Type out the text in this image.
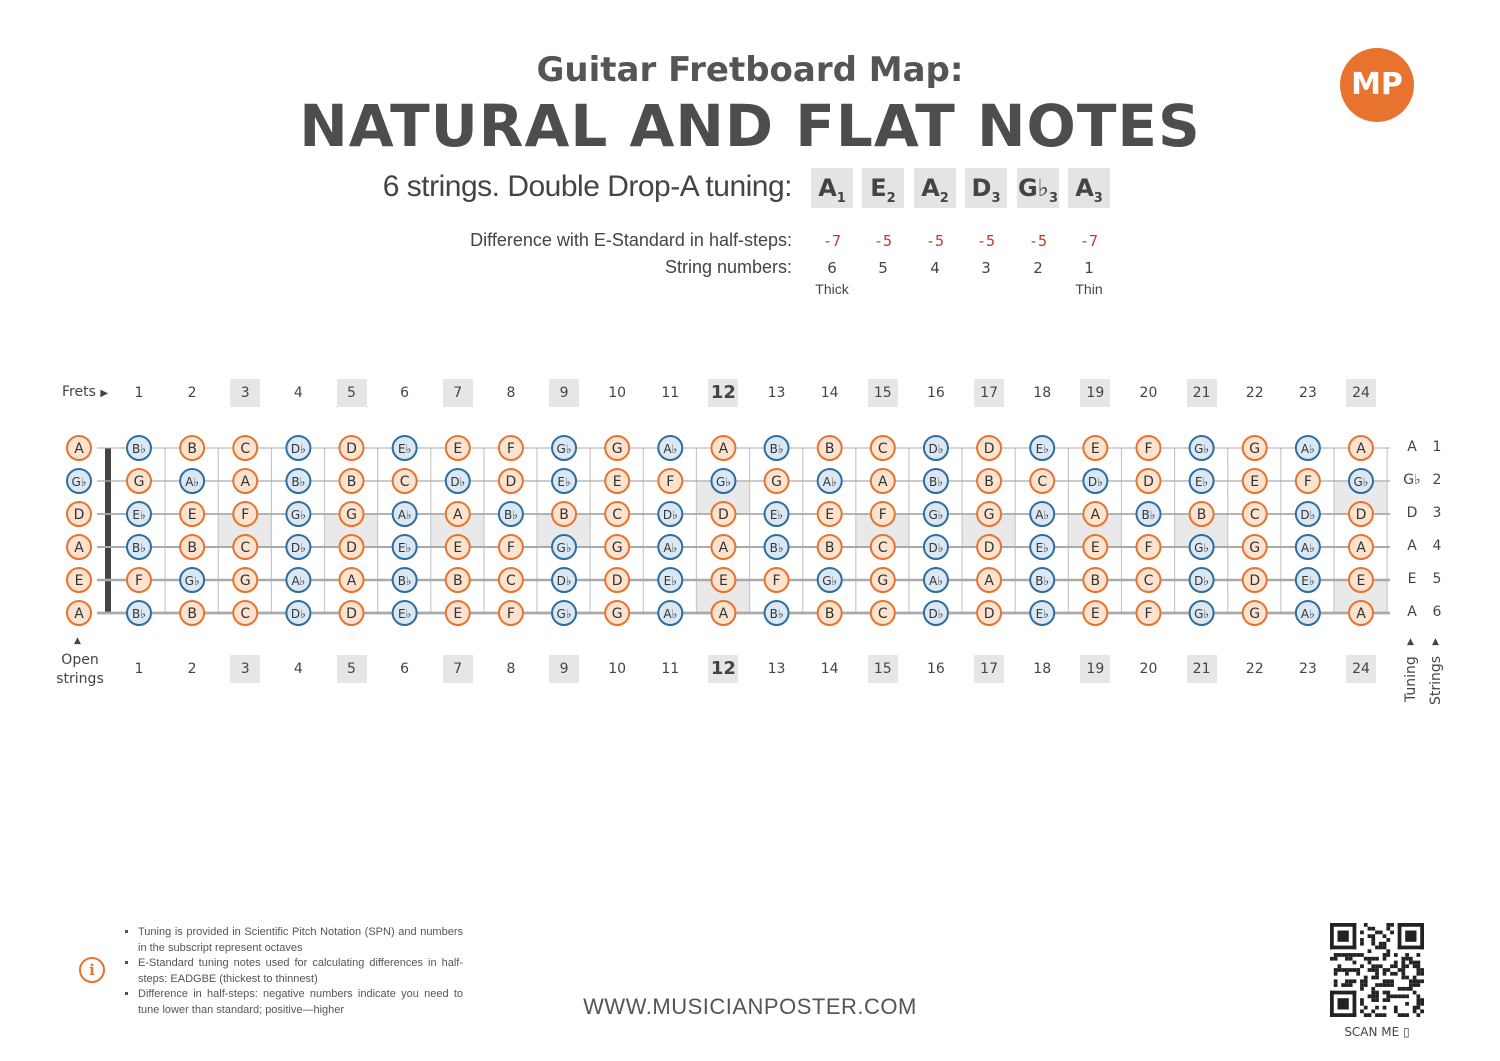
Guitar Fretboard Map:
NATURAL AND FLAT NOTES
MP
6 strings. Double Drop-A tuning: $A_1$	$E_2$	$A_2$ $D_3$ $G♭_3$ $A_3$
Difference with E-Standard in half-steps:
String numbers:
-7	-5	-5	-5	-5	-7
6	5	4	3	2	1
Thick	Thin
Frets ▶	1	2	3	4	5	6	7	8	9	10	11	12	13	14	15	16	17	18	19	20	21	22	23	24
1	2	3	4	5	6	7	8	9	10	11	12	13	14	15	16	17	18	19	20	21	22	23	24
A	B♭	B	C	D♭	D	E♭	E	F	G♭	G	A♭	A	B♭	B	C	D♭	D	E♭	E	F	G♭	G	A♭	A
G♭	G	A♭	A	B♭	B	C	D♭	D	E♭	E	F	G♭	G	A♭	A	B♭	B	C	D♭	D	E♭	E	F	G♭
D	E♭	E	F	G♭	G	A♭	A	B♭	B	C	D♭	D	E♭	E	F	G♭	G	A♭	A	B♭	B	C	D♭	D
A	B♭	B	C	D♭	D	E♭	E	F	G♭	G	A♭	A	B♭	B	C	D♭	D	E♭	E	F	G♭	G	A♭	A
E	F	G♭	G	A♭	A	B♭	B	C	D♭	D	E♭	E	F	G♭	G	A♭	A	B♭	B	C	D♭	D	E♭	E
A	B♭	B	C	D♭	D	E♭	E	F	G♭	G	A♭	A	B♭	B	C	D♭	D	E♭	E	F	G♭	G	A♭	A
▲
Open
strings
A	1
G♭ 2
D	3
A	4
E	5
A	6
▲ ▲
Tuning Strings
i
▪ Tuning is provided in Scientific Pitch Notation (SPN) and numbers in the subscript represent octaves
▪ E-Standard tuning notes used for calculating differences in half-steps: EADGBE (thickest to thinnest)
▪ Difference in half-steps: negative numbers indicate you need to tune lower than standard; positive—higher	WWW.MUSICIANPOSTER.COM
SCAN ME ▯
